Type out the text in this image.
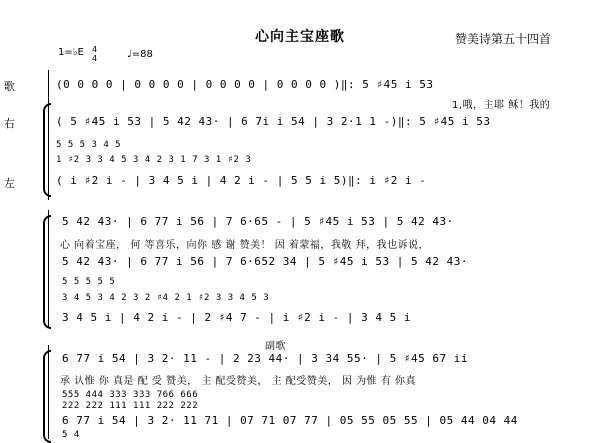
心向主宝座歌	赞美诗第五十四首
1=♭E 4
4	♩=88
歌
右
左
(0 0 0 0 | 0 0 0 0 | 0 0 0 0 | 0 0 0 0 )‖: 5 ♯45 i 53
1,哦，主耶 稣！我的
( 5 ♯45 i 53 | 5 42 43· | 6 7i i 54 | 3 2·1 1 -)‖: 5 ♯45 i 53
5 5 5 3 4 5
1 ♯2 3 3 4 5 3 4 2 3 1 7 3 1 ♯2 3
( i ♯2 i - | 3 4 5 i | 4 2 i - | 5 5 i 5)‖: i ♯2 i -
5 42 43· | 6 77 i 56 | 7 6·65 - | 5 ♯45 i 53 | 5 42 43·
心 向着宝座， 何 等喜乐，向你 感 谢 赞美！ 因 着蒙福，我敬 拜，我也诉说，
5 42 43· | 6 77 i 56 | 7 6·652 34 | 5 ♯45 i 53 | 5 42 43·
5 5 5 5 5
3 4 5 3 4 2 3 2 ♯4 2 1 ♯2 3 3 4 5 3
3 4 5 i | 4 2 i - | 2 ♯4 7 - | i ♯2 i - | 3 4 5 i
副歌
6 77 i 54 | 3 2· 11 - | 2 23 44· | 3 34 55· | 5 ♯45 67 ii
承 认惟 你 真是 配 受 赞美， 主 配受赞美， 主 配受赞美， 因 为惟 有 你真
555 444 333 333 766 666
222 222 111 111 222 222
6 77 i 54 | 3 2· 11 71 | 07 71 07 77 | 05 55 05 55 | 05 44 04 44
5 4
